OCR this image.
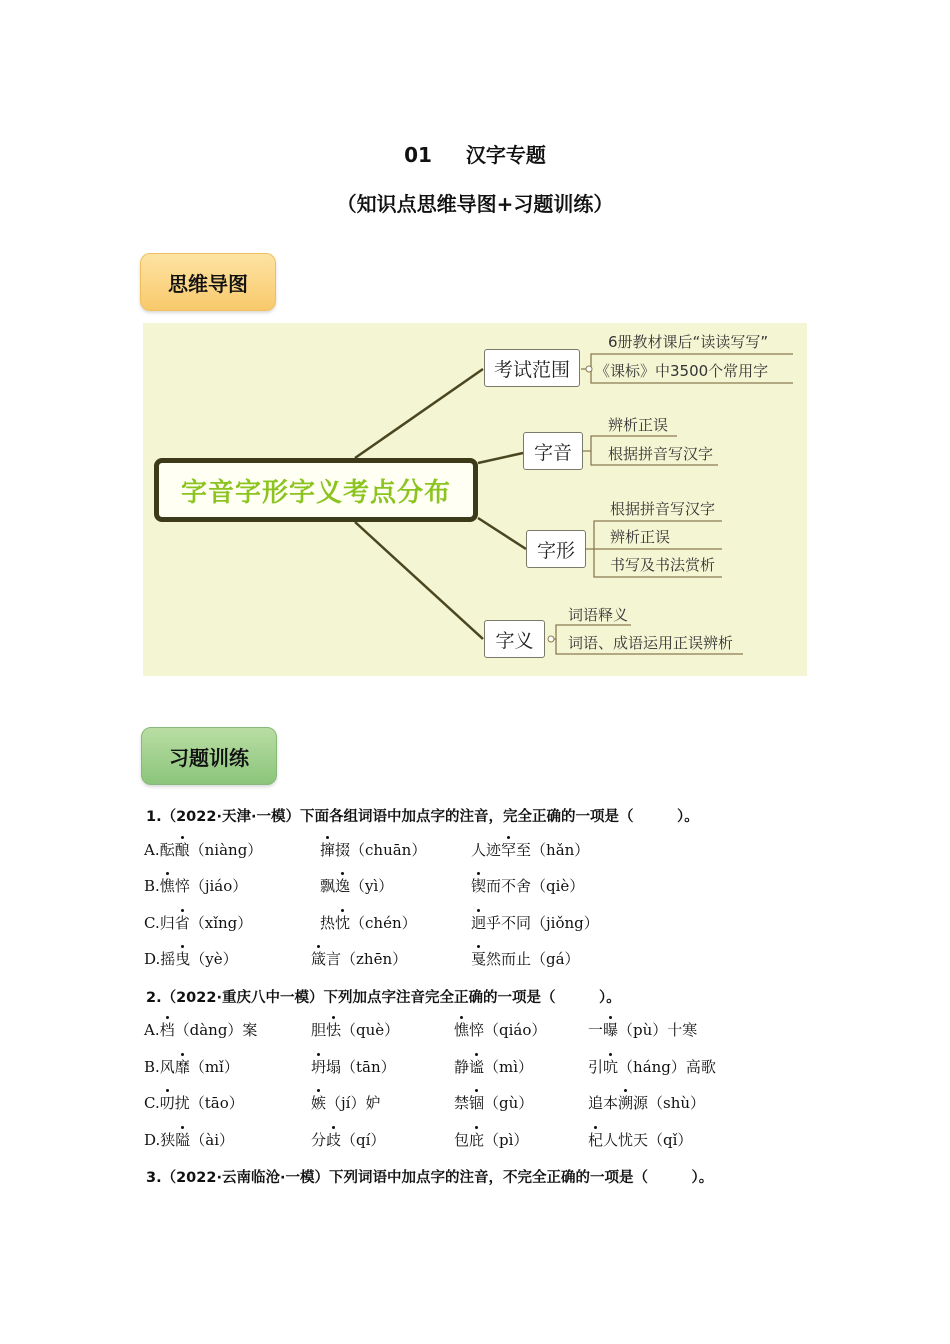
01 汉字专题
（知识点思维导图+习题训练）
思维导图
字音字形字义考点分布
考试范围
字音
字形
字义
6册教材课后“读读写写”
《课标》中3500个常用字
辨析正误
根据拼音写汉字
根据拼音写汉字
辨析正误
书写及书法赏析
词语释义
词语、成语运用正误辨析
习题训练
1.（2022·天津·一模）下面各组词语中加点字的注音，完全正确的一项是（　　　）。
A.酝酿（niàng）	撺掇（chuān）	人迹罕至（hǎn）
B.憔悴（jiáo）	飘逸（yì）	锲而不舍（qiè）
C.归省（xǐng）	热忱（chén）	迥乎不同（jiǒng）
D.摇曳（yè）	箴言（zhēn）	戛然而止（gá）
2.（2022·重庆八中一模）下列加点字注音完全正确的一项是（　　　）。
A.档（dàng）案	胆怯（què）	憔悴（qiáo）	一曝（pù）十寒
B.风靡（mǐ）	坍塌（tān）	静谧（mì）	引吭（háng）高歌
C.叨扰（tāo）	嫉（jí）妒	禁锢（gù）	追本溯源（shù）
D.狭隘（ài）	分歧（qí）	包庇（pì）	杞人忧天（qǐ）
3.（2022·云南临沧·一模）下列词语中加点字的注音，不完全正确的一项是（　　　）。
